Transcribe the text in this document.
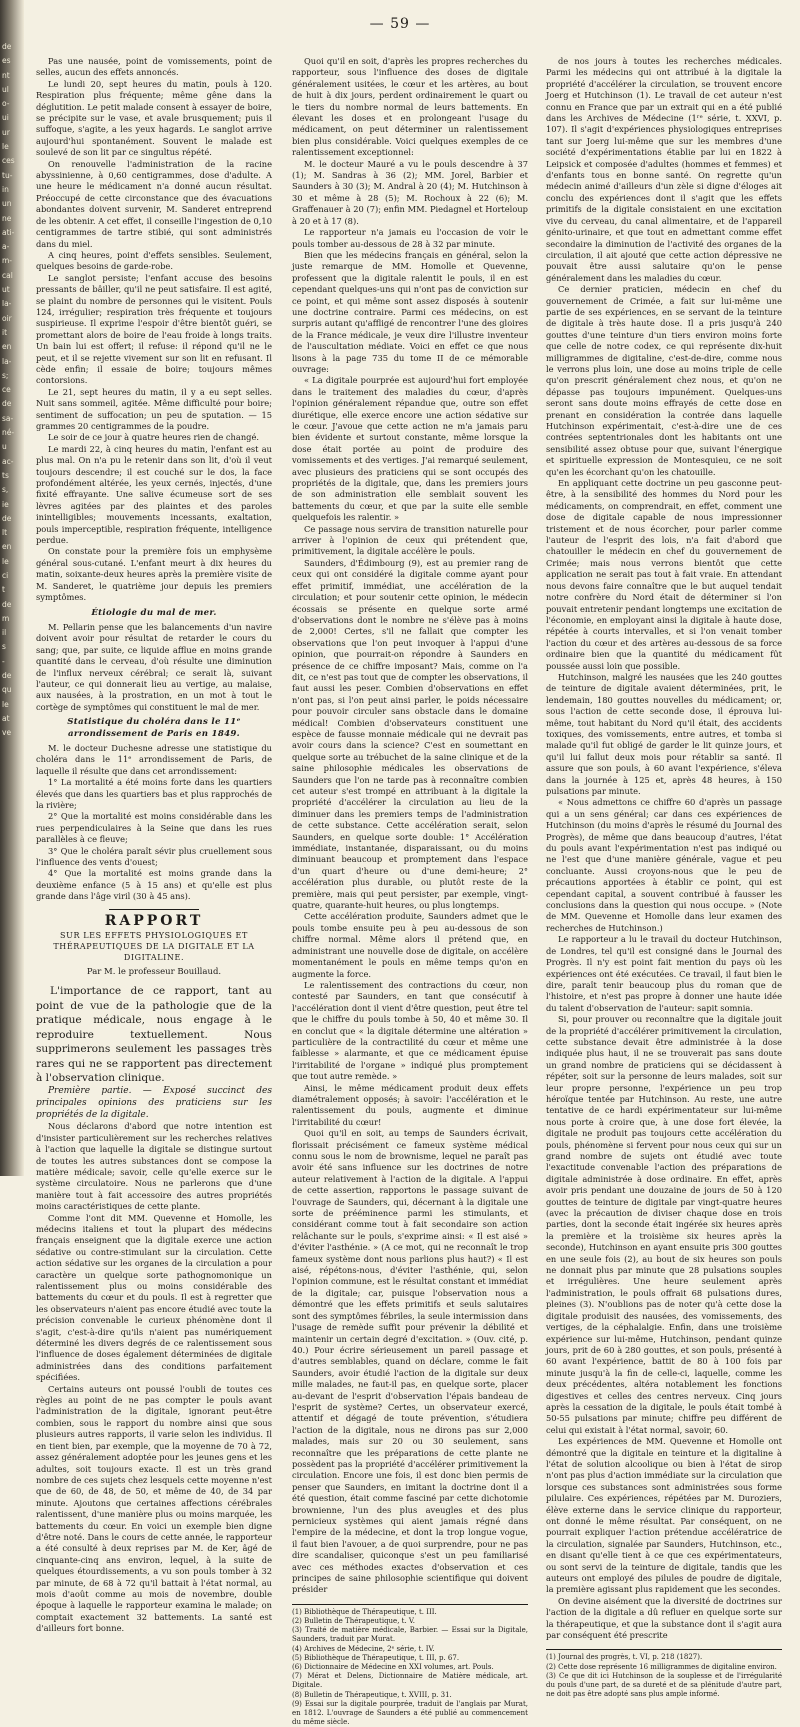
de
es
nt
ul
o-
ui
ur
le
ces
tu-
in
un
ne
ati-
a-
m-
cal
ut
la-
oir
it
en
la-
s;
ce
de
sa-
né-
u
ac-
ts
s,
ie
de
lt
en
le
ci
t
de
m
il
s
-
de
qu
le
at
ve
— 59 —

Pas une nausée, point de vomissements, point de selles, aucun des effets annoncés.

Le lundi 20, sept heures du matin, pouls à 120. Respiration plus fréquente; même gêne dans la déglutition. Le petit malade consent à essayer de boire, se précipite sur le vase, et avale brusquement; puis il suffoque, s'agite, a les yeux hagards. Le sanglot arrive aujourd'hui spontanément. Souvent le malade est soulevé de son lit par ce singultus répété.

On renouvelle l'administration de la racine abyssinienne, à 0,60 centigrammes, dose d'adulte. A une heure le médicament n'a donné aucun résultat. Préoccupé de cette circonstance que des évacuations abondantes doivent survenir, M. Sanderet entreprend de les obtenir. A cet effet, il conseille l'ingestion de 0,10 centigrammes de tartre stibié, qui sont administrés dans du miel.

A cinq heures, point d'effets sensibles. Seulement, quelques besoins de garde-robe.

Le sanglot persiste; l'enfant accuse des besoins pressants de bâiller, qu'il ne peut satisfaire. Il est agité, se plaint du nombre de personnes qui le visitent. Pouls 124, irrégulier; respiration très fréquente et toujours suspirieuse. Il exprime l'espoir d'être bientôt guéri, se promettant alors de boire de l'eau froide à longs traits. Un bain lui est offert; il refuse: il répond qu'il ne le peut, et il se rejette vivement sur son lit en refusant. Il cède enfin; il essaie de boire; toujours mêmes contorsions.

Le 21, sept heures du matin, il y a eu sept selles. Nuit sans sommeil, agitée. Même difficulté pour boire; sentiment de suffocation; un peu de sputation. — 15 grammes 20 centigrammes de la poudre.

Le soir de ce jour à quatre heures rien de changé.

Le mardi 22, à cinq heures du matin, l'enfant est au plus mal. On n'a pu le retenir dans son lit, d'où il veut toujours descendre; il est couché sur le dos, la face profondément altérée, les yeux cernés, injectés, d'une fixité effrayante. Une salive écumeuse sort de ses lèvres agitées par des plaintes et des paroles inintelligibles; mouvements incessants, exaltation, pouls imperceptible, respiration fréquente, intelligence perdue.

On constate pour la première fois un emphysème général sous-cutané. L'enfant meurt à dix heures du matin, soixante-deux heures après la première visite de M. Sanderet, le quatrième jour depuis les premiers symptômes.

Étiologie du mal de mer.

M. Pellarin pense que les balancements d'un navire doivent avoir pour résultat de retarder le cours du sang; que, par suite, ce liquide afflue en moins grande quantité dans le cerveau, d'où résulte une diminution de l'influx nerveux cérébral; ce serait là, suivant l'auteur, ce qui donnerait lieu au vertige, au malaise, aux nausées, à la prostration, en un mot à tout le cortège de symptômes qui constituent le mal de mer.

Statistique du choléra dans le 11ᵉ arrondissement de Paris en 1849.

M. le docteur Duchesne adresse une statistique du choléra dans le 11ᵉ arrondissement de Paris, de laquelle il résulte que dans cet arrondissement:

1° La mortalité a été moins forte dans les quartiers élevés que dans les quartiers bas et plus rapprochés de la rivière;

2° Que la mortalité est moins considérable dans les rues perpendiculaires à la Seine que dans les rues parallèles à ce fleuve;

3° Que le choléra paraît sévir plus cruellement sous l'influence des vents d'ouest;

4° Que la mortalité est moins grande dans la deuxième enfance (5 à 15 ans) et qu'elle est plus grande dans l'âge viril (30 à 45 ans).

RAPPORT
SUR LES EFFETS PHYSIOLOGIQUES ET THÉRAPEUTIQUES DE LA DIGITALE ET LA DIGITALINE.
Par M. le professeur Bouillaud.

L'importance de ce rapport, tant au point de vue de la pathologie que de la pratique médicale, nous engage à le reproduire textuellement. Nous supprimerons seulement les passages très rares qui ne se rapportent pas directement à l'observation clinique.

Première partie. — Exposé succinct des principales opinions des praticiens sur les propriétés de la digitale.

Nous déclarons d'abord que notre intention est d'insister particulièrement sur les recherches relatives à l'action que laquelle la digitale se distingue surtout de toutes les autres substances dont se compose la matière médicale; savoir, celle qu'elle exerce sur le système circulatoire. Nous ne parlerons que d'une manière tout à fait accessoire des autres propriétés moins caractéristiques de cette plante.

Comme l'ont dit MM. Quevenne et Homolle, les médecins italiens et tout la plupart des médecins français enseignent que la digitale exerce une action sédative ou contre-stimulant sur la circulation. Cette action sédative sur les organes de la circulation a pour caractère un quelque sorte pathognomonique un ralentissement plus ou moins considérable des battements du cœur et du pouls. Il est à regretter que les observateurs n'aient pas encore étudié avec toute la précision convenable le curieux phénomène dont il s'agit, c'est-à-dire qu'ils n'aient pas numériquement déterminé les divers degrés de ce ralentissement sous l'influence de doses également déterminées de digitale administrées dans des conditions parfaitement spécifiées.

Certains auteurs ont poussé l'oubli de toutes ces règles au point de ne pas compter le pouls avant l'administration de la digitale, ignorant peut-être combien, sous le rapport du nombre ainsi que sous plusieurs autres rapports, il varie selon les individus. Il en tient bien, par exemple, que la moyenne de 70 à 72, assez généralement adoptée pour les jeunes gens et les adultes, soit toujours exacte. Il est un très grand nombre de ces sujets chez lesquels cette moyenne n'est que de 60, de 48, de 50, et même de 40, de 34 par minute. Ajoutons que certaines affections cérébrales ralentissent, d'une manière plus ou moins marquée, les battements du cœur. En voici un exemple bien digne d'être noté. Dans le cours de cette année, le rapporteur a été consulté à deux reprises par M. de Ker, âgé de cinquante-cinq ans environ, lequel, à la suite de quelques étourdissements, a vu son pouls tomber à 32 par minute, de 68 à 72 qu'il battait à l'état normal, au mois d'août comme au mois de novembre, double époque à laquelle le rapporteur examina le malade; on comptait exactement 32 battements. La santé est d'ailleurs fort bonne.

Quoi qu'il en soit, d'après les propres recherches du rapporteur, sous l'influence des doses de digitale généralement usitées, le cœur et les artères, au bout de huit à dix jours, perdent ordinairement le quart ou le tiers du nombre normal de leurs battements. En élevant les doses et en prolongeant l'usage du médicament, on peut déterminer un ralentissement bien plus considérable. Voici quelques exemples de ce ralentissement exceptionnel:

M. le docteur Mauré a vu le pouls descendre à 37 (1); M. Sandras à 36 (2); MM. Jorel, Barbier et Saunders à 30 (3); M. Andral à 20 (4); M. Hutchinson à 30 et même à 28 (5); M. Rochoux à 22 (6); M. Graffenauer à 20 (7); enfin MM. Piedagnel et Horteloup à 20 et à 17 (8).

Le rapporteur n'a jamais eu l'occasion de voir le pouls tomber au-dessous de 28 à 32 par minute.

Bien que les médecins français en général, selon la juste remarque de MM. Homolle et Quevenne, professent que la digitale ralentit le pouls, il en est cependant quelques-uns qui n'ont pas de conviction sur ce point, et qui même sont assez disposés à soutenir une doctrine contraire. Parmi ces médecins, on est surpris autant qu'affligé de rencontrer l'une des gloires de la France médicale, je veux dire l'illustre inventeur de l'auscultation médiate. Voici en effet ce que nous lisons à la page 735 du tome II de ce mémorable ouvrage:

« La digitale pourprée est aujourd'hui fort employée dans le traitement des maladies du cœur, d'après l'opinion généralement répandue que, outre son effet diurétique, elle exerce encore une action sédative sur le cœur. J'avoue que cette action ne m'a jamais paru bien évidente et surtout constante, même lorsque la dose était portée au point de produire des vomissements et des vertiges. J'ai remarqué seulement, avec plusieurs des praticiens qui se sont occupés des propriétés de la digitale, que, dans les premiers jours de son administration elle semblait souvent les battements du cœur, et que par la suite elle semble quelquefois les ralentir. »

Ce passage nous servira de transition naturelle pour arriver à l'opinion de ceux qui prétendent que, primitivement, la digitale accélère le pouls.

Saunders, d'Édimbourg (9), est au premier rang de ceux qui ont considéré la digitale comme ayant pour effet primitif, immédiat, une accélération de la circulation; et pour soutenir cette opinion, le médecin écossais se présente en quelque sorte armé d'observations dont le nombre ne s'élève pas à moins de 2,000! Certes, s'il ne fallait que compter les observations que l'on peut invoquer à l'appui d'une opinion, que pourrait-on répondre à Saunders en présence de ce chiffre imposant? Mais, comme on l'a dit, ce n'est pas tout que de compter les observations, il faut aussi les peser. Combien d'observations en effet n'ont pas, si l'on peut ainsi parler, le poids nécessaire pour pouvoir circuler sans obstacle dans le domaine médical! Combien d'observateurs constituent une espèce de fausse monnaie médicale qui ne devrait pas avoir cours dans la science? C'est en soumettant en quelque sorte au trébuchet de la saine clinique et de la saine philosophie médicales les observations de Saunders que l'on ne tarde pas à reconnaître combien cet auteur s'est trompé en attribuant à la digitale la propriété d'accélérer la circulation au lieu de la diminuer dans les premiers temps de l'administration de cette substance. Cette accélération serait, selon Saunders, en quelque sorte double: 1° Accélération immédiate, instantanée, disparaissant, ou du moins diminuant beaucoup et promptement dans l'espace d'un quart d'heure ou d'une demi-heure; 2° accélération plus durable, ou plutôt reste de la première, mais qui peut persister, par exemple, vingt-quatre, quarante-huit heures, ou plus longtemps.

Cette accélération produite, Saunders admet que le pouls tombe ensuite peu à peu au-dessous de son chiffre normal. Même alors il prétend que, en administrant une nouvelle dose de digitale, on accélère momentanément le pouls en même temps qu'on en augmente la force.

Le ralentissement des contractions du cœur, non contesté par Saunders, en tant que consécutif à l'accélération dont il vient d'être question, peut être tel que le chiffre du pouls tombe à 50, 40 et même 30. Il en conclut que « la digitale détermine une altération » particulière de la contractilité du cœur et même une faiblesse » alarmante, et que ce médicament épuise l'irritabilité de l'organe » indiqué plus promptement que tout autre remède. »

Ainsi, le même médicament produit deux effets diamétralement opposés; à savoir: l'accélération et le ralentissement du pouls, augmente et diminue l'irritabilité du cœur!

Quoi qu'il en soit, au temps de Saunders écrivait, florissait précisément ce fameux système médical connu sous le nom de brownisme, lequel ne paraît pas avoir été sans influence sur les doctrines de notre auteur relativement à l'action de la digitale. A l'appui de cette assertion, rapportons le passage suivant de l'ouvrage de Saunders, qui, décernant à la digitale une sorte de prééminence parmi les stimulants, et considérant comme tout à fait secondaire son action relâchante sur le pouls, s'exprime ainsi: « Il est aisé » d'éviter l'asthénie. » (A ce mot, qui ne reconnaît le trop fameux système dont nous parlions plus haut?) « Il est aisé, répétons-nous, d'éviter l'asthénie, qui, selon l'opinion commune, est le résultat constant et immédiat de la digitale; car, puisque l'observation nous a démontré que les effets primitifs et seuls salutaires sont des symptômes fébriles, la seule intermission dans l'usage de remède suffit pour prévenir la débilité et maintenir un certain degré d'excitation. » (Ouv. cité, p. 40.) Pour écrire sérieusement un pareil passage et d'autres semblables, quand on déclare, comme le fait Saunders, avoir étudié l'action de la digitale sur deux mille malades, ne faut-il pas, en quelque sorte, placer au-devant de l'esprit d'observation l'épais bandeau de l'esprit de système? Certes, un observateur exercé, attentif et dégagé de toute prévention, s'étudiera l'action de la digitale, nous ne dirons pas sur 2,000 malades, mais sur 20 ou 30 seulement, sans reconnaître que les préparations de cette plante ne possèdent pas la propriété d'accélérer primitivement la circulation. Encore une fois, il est donc bien permis de penser que Saunders, en imitant la doctrine dont il a été question, était comme fasciné par cette dichotomie brownienne, l'un des plus aveugles et des plus pernicieux systèmes qui aient jamais régné dans l'empire de la médecine, et dont la trop longue vogue, il faut bien l'avouer, a de quoi surprendre, pour ne pas dire scandaliser, quiconque s'est un peu familiarisé avec ces méthodes exactes d'observation et ces principes de saine philosophie scientifique qui doivent présider

(1) Bibliothèque de Thérapeutique, t. III.
(2) Bulletin de Thérapeutique, t. V.
(3) Traité de matière médicale, Barbier. — Essai sur la Digitale, Saunders, traduit par Murat.
(4) Archives de Médecine, 2ᵉ série, t. IV.
(5) Bibliothèque de Thérapeutique, t. III, p. 67.
(6) Dictionnaire de Médecine en XXI volumes, art. Pouls.
(7) Mérat et Delens, Dictionnaire de Matière médicale, art. Digitale.
(8) Bulletin de Thérapeutique, t. XVIII, p. 31.
(9) Essai sur la digitale pourprée, traduit de l'anglais par Murat, en 1812. L'ouvrage de Saunders a été publié au commencement du même siècle.

de nos jours à toutes les recherches médicales. Parmi les médecins qui ont attribué à la digitale la propriété d'accélérer la circulation, se trouvent encore Joerg et Hutchinson (1). Le travail de cet auteur n'est connu en France que par un extrait qui en a été publié dans les Archives de Médecine (1ʳᵉ série, t. XXVI, p. 107). Il s'agit d'expériences physiologiques entreprises tant sur Joerg lui-même que sur les membres d'une société d'expérimentations établie par lui en 1822 à Leipsick et composée d'adultes (hommes et femmes) et d'enfants tous en bonne santé. On regrette qu'un médecin animé d'ailleurs d'un zèle si digne d'éloges ait conclu des expériences dont il s'agit que les effets primitifs de la digitale consistaient en une excitation vive du cerveau, du canal alimentaire, et de l'appareil génito-urinaire, et que tout en admettant comme effet secondaire la diminution de l'activité des organes de la circulation, il ait ajouté que cette action dépressive ne pouvait être aussi salutaire qu'on le pense généralement dans les maladies du cœur.

Ce dernier praticien, médecin en chef du gouvernement de Crimée, a fait sur lui-même une partie de ses expériences, en se servant de la teinture de digitale à très haute dose. Il a pris jusqu'à 240 gouttes d'une teinture d'un tiers environ moins forte que celle de notre codex, ce qui représente dix-huit milligrammes de digitaline, c'est-de-dire, comme nous le verrons plus loin, une dose au moins triple de celle qu'on prescrit généralement chez nous, et qu'on ne dépasse pas toujours impunément. Quelques-uns seront sans doute moins effrayés de cette dose en prenant en considération la contrée dans laquelle Hutchinson expérimentait, c'est-à-dire une de ces contrées septentrionales dont les habitants ont une sensibilité assez obtuse pour que, suivant l'énergique et spirituelle expression de Montesquieu, ce ne soit qu'en les écorchant qu'on les chatouille.

En appliquant cette doctrine un peu gasconne peut-être, à la sensibilité des hommes du Nord pour les médicaments, on comprendrait, en effet, comment une dose de digitale capable de nous impressionner tristement et de nous écorcher, pour parler comme l'auteur de l'esprit des lois, n'a fait d'abord que chatouiller le médecin en chef du gouvernement de Crimée; mais nous verrons bientôt que cette application ne serait pas tout à fait vraie. En attendant nous devons faire connaître que le but auquel tendait notre confrère du Nord était de déterminer si l'on pouvait entretenir pendant longtemps une excitation de l'économie, en employant ainsi la digitale à haute dose, répétée à courts intervalles, et si l'on venait tomber l'action du cœur et des artères au-dessous de sa force ordinaire bien que la quantité du médicament fût poussée aussi loin que possible.

Hutchinson, malgré les nausées que les 240 gouttes de teinture de digitale avaient déterminées, prit, le lendemain, 180 gouttes nouvelles du médicament; or, sous l'action de cette seconde dose, il éprouva lui-même, tout habitant du Nord qu'il était, des accidents toxiques, des vomissements, entre autres, et tomba si malade qu'il fut obligé de garder le lit quinze jours, et qu'il lui fallut deux mois pour rétablir sa santé. Il assure que son pouls, à 60 avant l'expérience, s'éleva dans la journée à 125 et, après 48 heures, à 150 pulsations par minute.

« Nous admettons ce chiffre 60 d'après un passage qui a un sens général; car dans ces expériences de Hutchinson (du moins d'après le résumé du Journal des Progrès), de même que dans beaucoup d'autres, l'état du pouls avant l'expérimentation n'est pas indiqué ou ne l'est que d'une manière générale, vague et peu concluante. Aussi croyons-nous que le peu de précautions apportées à établir ce point, qui est cependant capital, a souvent contribué à fausser les conclusions dans la question qui nous occupe. » (Note de MM. Quevenne et Homolle dans leur examen des recherches de Hutchinson.)

Le rapporteur a lu le travail du docteur Hutchinson, de Londres, tel qu'il est consigné dans le Journal des Progrès. Il n'y est point fait mention du pays où les expériences ont été exécutées. Ce travail, il faut bien le dire, paraît tenir beaucoup plus du roman que de l'histoire, et n'est pas propre à donner une haute idée du talent d'observation de l'auteur: sapit somnia.

Si, pour prouver ou reconnaître que la digitale jouit de la propriété d'accélérer primitivement la circulation, cette substance devait être administrée à la dose indiquée plus haut, il ne se trouverait pas sans doute un grand nombre de praticiens qui se décidassent à répéter, soit sur la personne de leurs malades, soit sur leur propre personne, l'expérience un peu trop héroïque tentée par Hutchinson. Au reste, une autre tentative de ce hardi expérimentateur sur lui-même nous porte à croire que, à une dose fort élevée, la digitale ne produit pas toujours cette accélération du pouls, phénomène si fervent pour nous ceux qui sur un grand nombre de sujets ont étudié avec toute l'exactitude convenable l'action des préparations de digitale administrée à dose ordinaire. En effet, après avoir pris pendant une douzaine de jours de 50 à 120 gouttes de teinture de digitale par vingt-quatre heures (avec la précaution de diviser chaque dose en trois parties, dont la seconde était ingérée six heures après la première et la troisième six heures après la seconde), Hutchinson en ayant ensuite pris 300 gouttes en une seule fois (2), au bout de six heures son pouls ne donnait plus par minute que 28 pulsations souples et irrégulières. Une heure seulement après l'administration, le pouls offrait 68 pulsations dures, pleines (3). N'oublions pas de noter qu'à cette dose la digitale produisit des nausées, des vomissements, des vertiges, de la céphalalgie. Enfin, dans une troisième expérience sur lui-même, Hutchinson, pendant quinze jours, prit de 60 à 280 gouttes, et son pouls, présenté à 60 avant l'expérience, battit de 80 à 100 fois par minute jusqu'à la fin de celle-ci, laquelle, comme les deux précédentes, altéra notablement les fonctions digestives et celles des centres nerveux. Cinq jours après la cessation de la digitale, le pouls était tombé à 50-55 pulsations par minute; chiffre peu différent de celui qui existait à l'état normal, savoir, 60.

Les expériences de MM. Quevenne et Homolle ont démontré que la digitale en teinture et la digitaline à l'état de solution alcoolique ou bien à l'état de sirop n'ont pas plus d'action immédiate sur la circulation que lorsque ces substances sont administrées sous forme pilulaire. Ces expériences, répétées par M. Duroziers, élève externe dans le service clinique du rapporteur, ont donné le même résultat. Par conséquent, on ne pourrait expliquer l'action prétendue accélératrice de la circulation, signalée par Saunders, Hutchinson, etc., en disant qu'elle tient à ce que ces expérimentateurs, ou sont servi de la teinture de digitale, tandis que les auteurs ont employé des pilules de poudre de digitale, la première agissant plus rapidement que les secondes.

On devine aisément que la diversité de doctrines sur l'action de la digitale a dû refluer en quelque sorte sur la thérapeutique, et que la substance dont il s'agit aura par conséquent été prescrite

(1) Journal des progrès, t. VI, p. 218 (1827).
(2) Cette dose représente 16 milligrammes de digitaline environ.
(3) Ce que dit ici Hutchinson de la souplesse et de l'irrégularité du pouls d'une part, de sa dureté et de sa plénitude d'autre part, ne doit pas être adopté sans plus ample informé.
